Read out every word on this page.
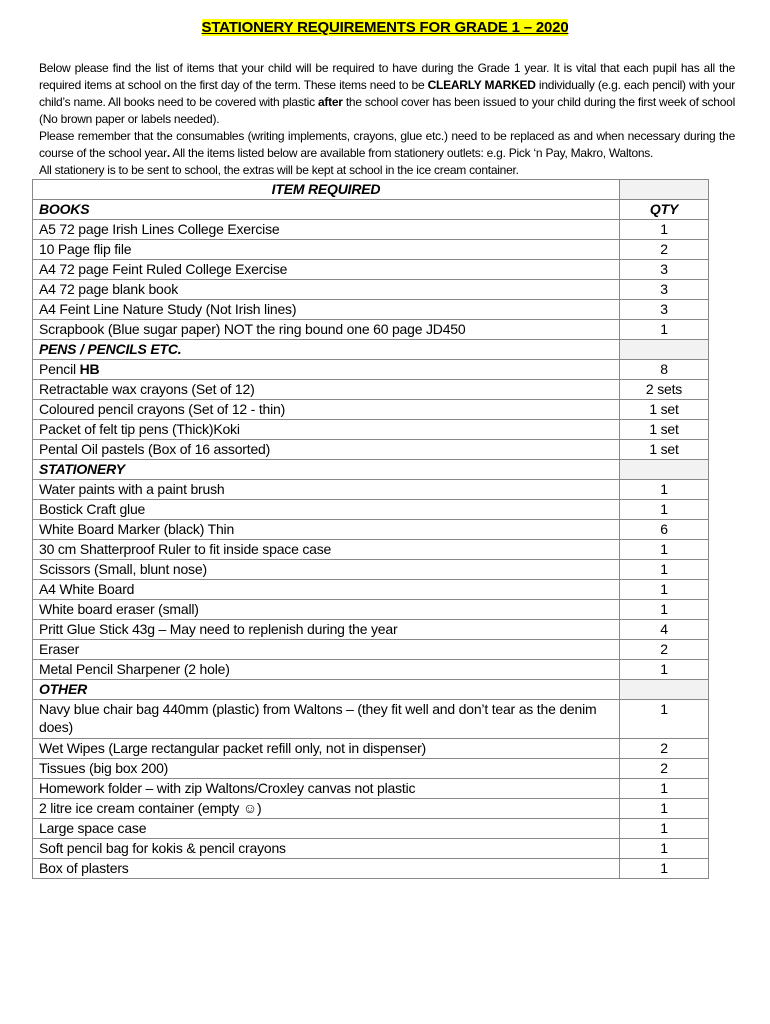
STATIONERY REQUIREMENTS FOR GRADE 1 – 2020

Below please find the list of items that your child will be required to have during the Grade 1 year. It is vital that each pupil has all the required items at school on the first day of the term. These items need to be CLEARLY MARKED individually (e.g. each pencil) with your child’s name. All books need to be covered with plastic after the school cover has been issued to your child during the first week of school (No brown paper or labels needed).

Please remember that the consumables (writing implements, crayons, glue etc.) need to be replaced as and when necessary during the course of the school year. All the items listed below are available from stationery outlets: e.g. Pick ‘n Pay, Makro, Waltons.

All stationery is to be sent to school, the extras will be kept at school in the ice cream container.

ITEM REQUIRED	
BOOKS	QTY
A5 72 page Irish Lines College Exercise	1
10 Page flip file	2
A4 72 page Feint Ruled College Exercise	3
A4 72 page blank book	3
A4 Feint Line Nature Study (Not Irish lines)	3
Scrapbook (Blue sugar paper) NOT the ring bound one 60 page JD450	1
PENS / PENCILS ETC.	
Pencil HB	8
Retractable wax crayons (Set of 12)	2 sets
Coloured pencil crayons (Set of 12 - thin)	1 set
Packet of felt tip pens (Thick)Koki	1 set
Pental Oil pastels (Box of 16 assorted)	1 set
STATIONERY	
Water paints with a paint brush	1
Bostick Craft glue	1
White Board Marker (black) Thin	6
30 cm Shatterproof Ruler to fit inside space case	1
Scissors (Small, blunt nose)	1
A4 White Board	1
White board eraser (small)	1
Pritt Glue Stick 43g – May need to replenish during the year	4
Eraser	2
Metal Pencil Sharpener (2 hole)	1
OTHER	
Navy blue chair bag 440mm (plastic) from Waltons – (they fit well and don’t tear as the denim does)	1
Wet Wipes (Large rectangular packet refill only, not in dispenser)	2
Tissues (big box 200)	2
Homework folder – with zip Waltons/Croxley canvas not plastic	1
2 litre ice cream container (empty ☺)	1
Large space case	1
Soft pencil bag for kokis & pencil crayons	1
Box of plasters	1
